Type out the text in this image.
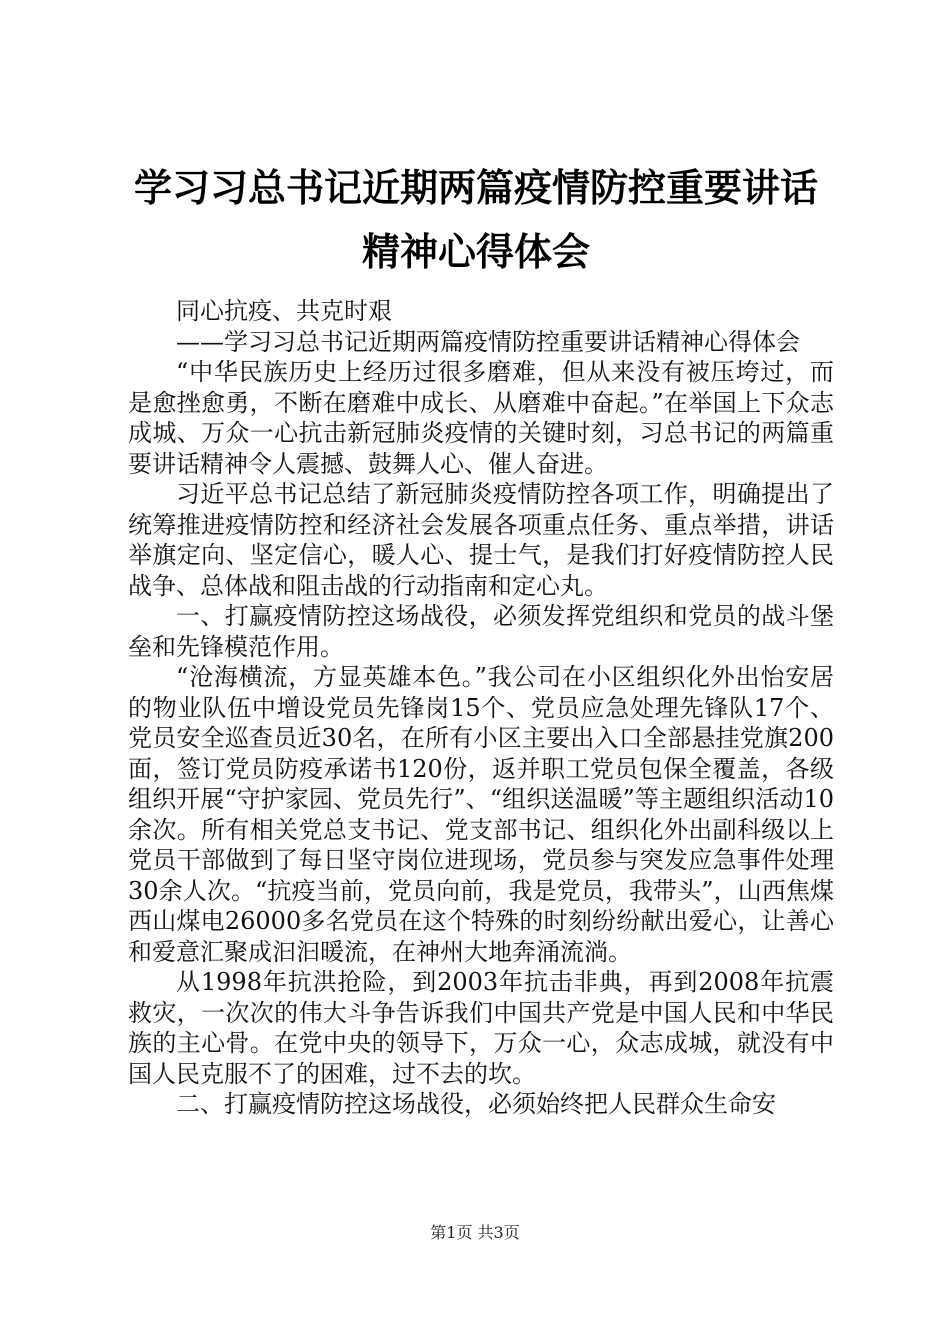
学习习总书记近期两篇疫情防控重要讲话精神心得体会

同心抗疫、共克时艰

——学习习总书记近期两篇疫情防控重要讲话精神心得体会

“中华民族历史上经历过很多磨难，但从来没有被压垮过，而是愈挫愈勇，不断在磨难中成长、从磨难中奋起。”在举国上下众志成城、万众一心抗击新冠肺炎疫情的关键时刻，习总书记的两篇重要讲话精神令人震撼、鼓舞人心、催人奋进。

习近平总书记总结了新冠肺炎疫情防控各项工作，明确提出了统筹推进疫情防控和经济社会发展各项重点任务、重点举措，讲话举旗定向、坚定信心，暖人心、提士气，是我们打好疫情防控人民战争、总体战和阻击战的行动指南和定心丸。

一、打赢疫情防控这场战役，必须发挥党组织和党员的战斗堡垒和先锋模范作用。

“沧海横流，方显英雄本色。”我公司在小区组织化外出怡安居的物业队伍中增设党员先锋岗15个、党员应急处理先锋队17个、党员安全巡查员近30名，在所有小区主要出入口全部悬挂党旗200面，签订党员防疫承诺书120份，返并职工党员包保全覆盖，各级组织开展“守护家园、党员先行”、“组织送温暖”等主题组织活动10余次。所有相关党总支书记、党支部书记、组织化外出副科级以上党员干部做到了每日坚守岗位进现场，党员参与突发应急事件处理30余人次。“抗疫当前，党员向前，我是党员，我带头”，山西焦煤西山煤电26000多名党员在这个特殊的时刻纷纷献出爱心，让善心和爱意汇聚成汩汩暖流，在神州大地奔涌流淌。

从1998年抗洪抢险，到2003年抗击非典，再到2008年抗震救灾，一次次的伟大斗争告诉我们中国共产党是中国人民和中华民族的主心骨。在党中央的领导下，万众一心，众志成城，就没有中国人民克服不了的困难，过不去的坎。

二、打赢疫情防控这场战役，必须始终把人民群众生命安

第1页 共3页
